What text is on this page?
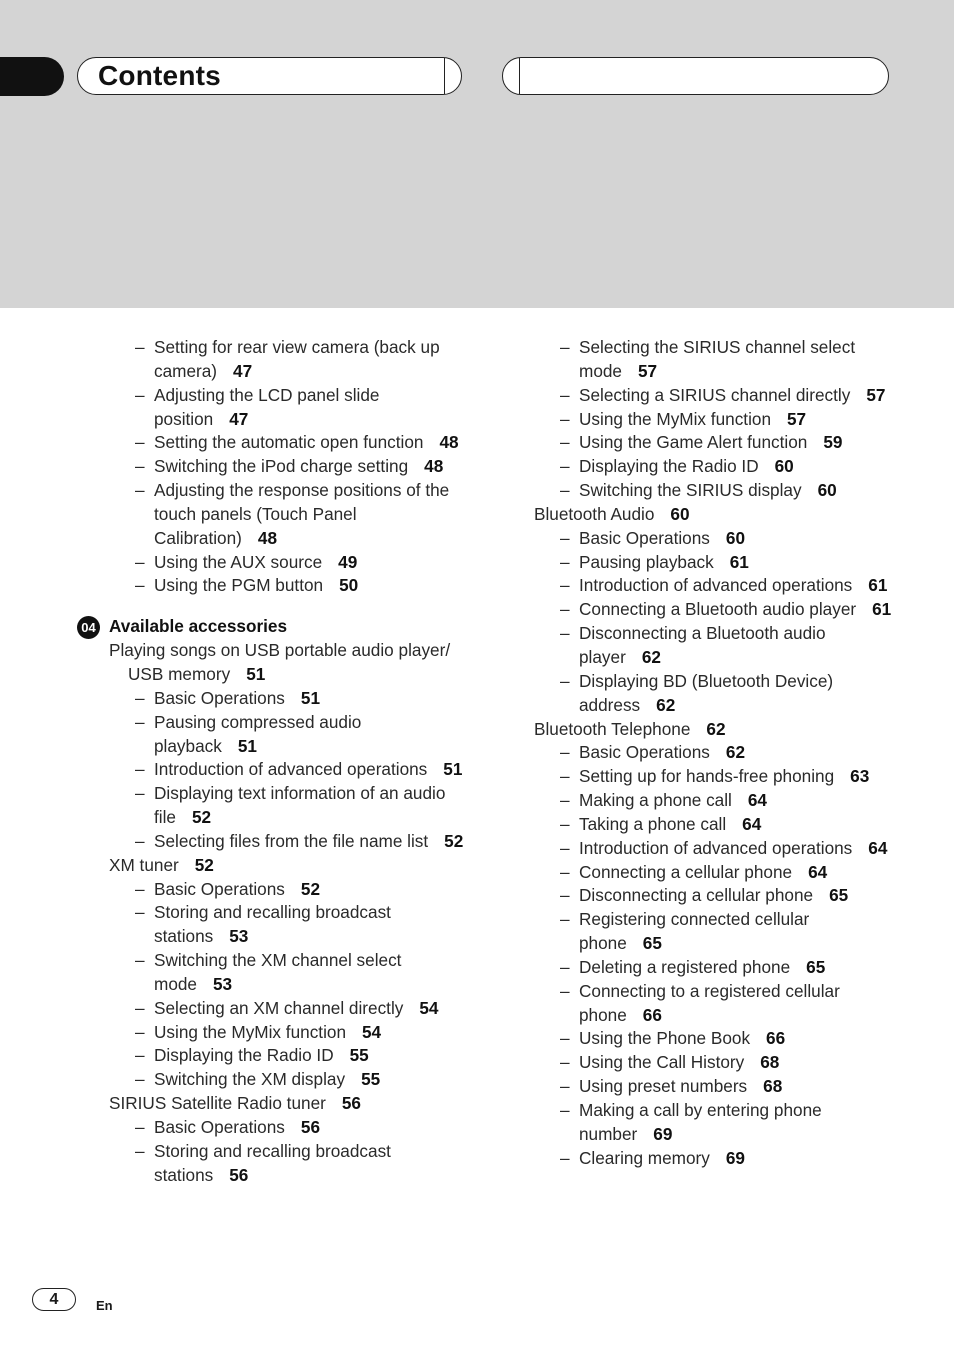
Contents
– Setting for rear view camera (back up camera) 47
– Adjusting the LCD panel slide position 47
– Setting the automatic open function 48
– Switching the iPod charge setting 48
– Adjusting the response positions of the touch panels (Touch Panel Calibration) 48
– Using the AUX source 49
– Using the PGM button 50
04 Available accessories
Playing songs on USB portable audio player/ USB memory 51
– Basic Operations 51
– Pausing compressed audio playback 51
– Introduction of advanced operations 51
– Displaying text information of an audio file 52
– Selecting files from the file name list 52
XM tuner 52
– Basic Operations 52
– Storing and recalling broadcast stations 53
– Switching the XM channel select mode 53
– Selecting an XM channel directly 54
– Using the MyMix function 54
– Displaying the Radio ID 55
– Switching the XM display 55
SIRIUS Satellite Radio tuner 56
– Basic Operations 56
– Storing and recalling broadcast stations 56
– Selecting the SIRIUS channel select mode 57
– Selecting a SIRIUS channel directly 57
– Using the MyMix function 57
– Using the Game Alert function 59
– Displaying the Radio ID 60
– Switching the SIRIUS display 60
Bluetooth Audio 60
– Basic Operations 60
– Pausing playback 61
– Introduction of advanced operations 61
– Connecting a Bluetooth audio player 61
– Disconnecting a Bluetooth audio player 62
– Displaying BD (Bluetooth Device) address 62
Bluetooth Telephone 62
– Basic Operations 62
– Setting up for hands-free phoning 63
– Making a phone call 64
– Taking a phone call 64
– Introduction of advanced operations 64
– Connecting a cellular phone 64
– Disconnecting a cellular phone 65
– Registering connected cellular phone 65
– Deleting a registered phone 65
– Connecting to a registered cellular phone 66
– Using the Phone Book 66
– Using the Call History 68
– Using preset numbers 68
– Making a call by entering phone number 69
– Clearing memory 69
4	En
